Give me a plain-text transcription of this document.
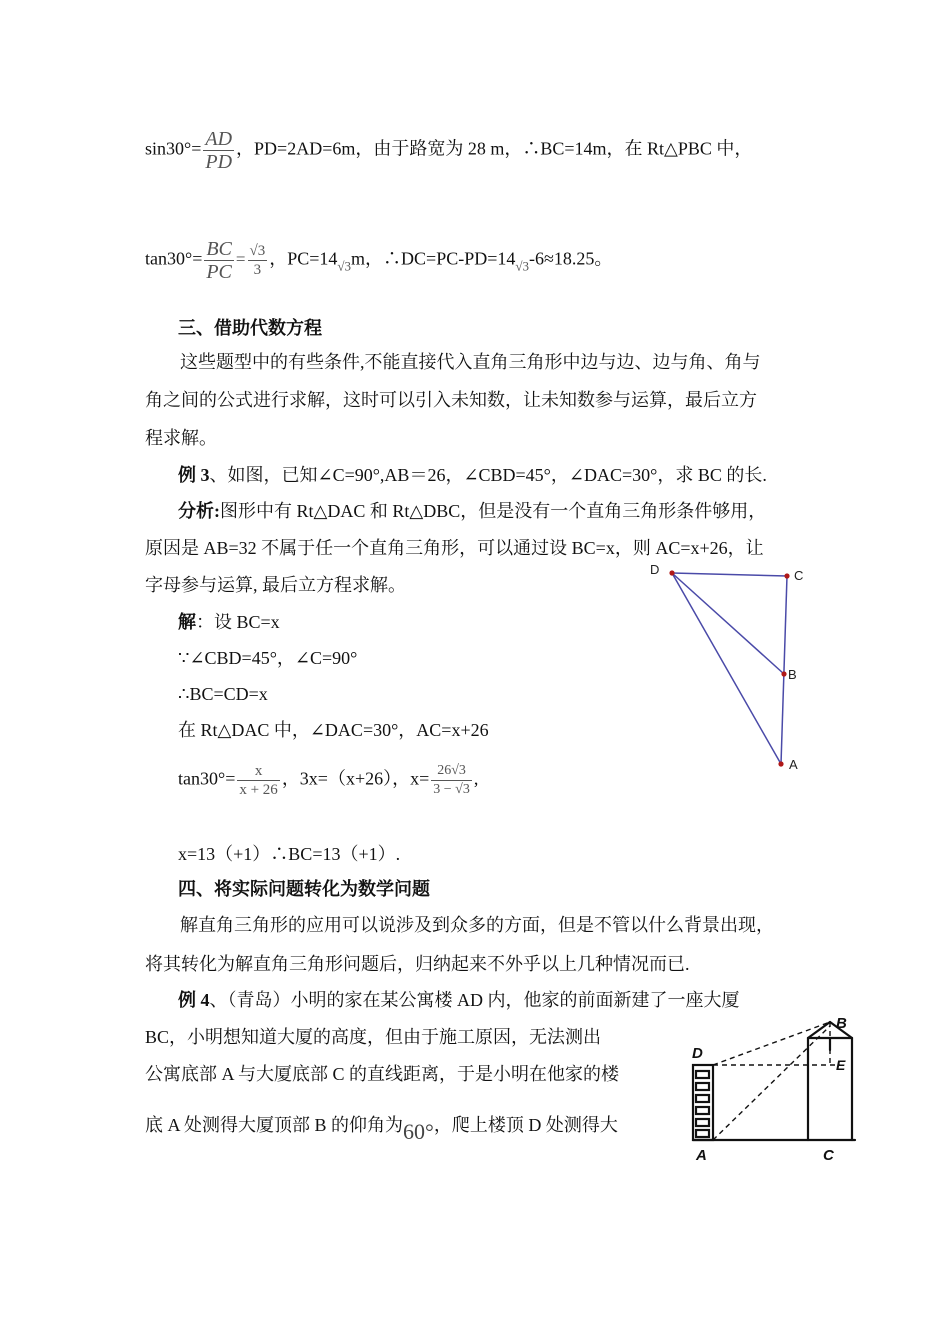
$\sin 30^\circ= \frac{AD}{PD}$ ，PD=2AD=6m，由于路宽为 28 m，∴BC=14m，在 Rt△PBC 中，
$\tan 30^\circ= \frac{BC}{PC} = \frac{√3}{3}$ ，$PC=14_{√3}m$，$\therefore DC=PC-PD=14_{√3}-6\approx 18.25$。
三、借助代数方程
这些题型中的有些条件,不能直接代入直角三角形中边与边、边与角、角与
角之间的公式进行求解，这时可以引入未知数，让未知数参与运算，最后立方
程求解。
例 3、如图，已知∠C=90°,AB＝26，∠CBD=45°，∠DAC=30°，求 BC 的长.
分析:图形中有 Rt△DAC 和 Rt△DBC，但是没有一个直角三角形条件够用，
原因是 AB=32 不属于任一个直角三角形，可以通过设 BC=x，则 AC=x+26，让
字母参与运算, 最后立方程求解。
解：设 BC=x
∵∠CBD=45°，∠C=90°
∴BC=CD=x
在 Rt△DAC 中，∠DAC=30°，AC=x+26
$\tan 30^\circ= \frac{x}{x + 26}$ ，3x=（x+26），$x= \frac{26√3}{3 - √3}$ ,
x=13（+1）∴BC=13（+1）.
D	C
B
A
四、将实际问题转化为数学问题
解直角三角形的应用可以说涉及到众多的方面，但是不管以什么背景出现，
将其转化为解直角三角形问题后，归纳起来不外乎以上几种情况而已.
例 4、（青岛）小明的家在某公寓楼 AD 内，他家的前面新建了一座大厦
BC，小明想知道大厦的高度，但由于施工原因，无法测出
公寓底部 A 与大厦底部 C 的直线距离，于是小明在他家的楼
底 A 处测得大厦顶部 B 的仰角为60°，爬上楼顶 D 处测得大
B
D
E
A	C
